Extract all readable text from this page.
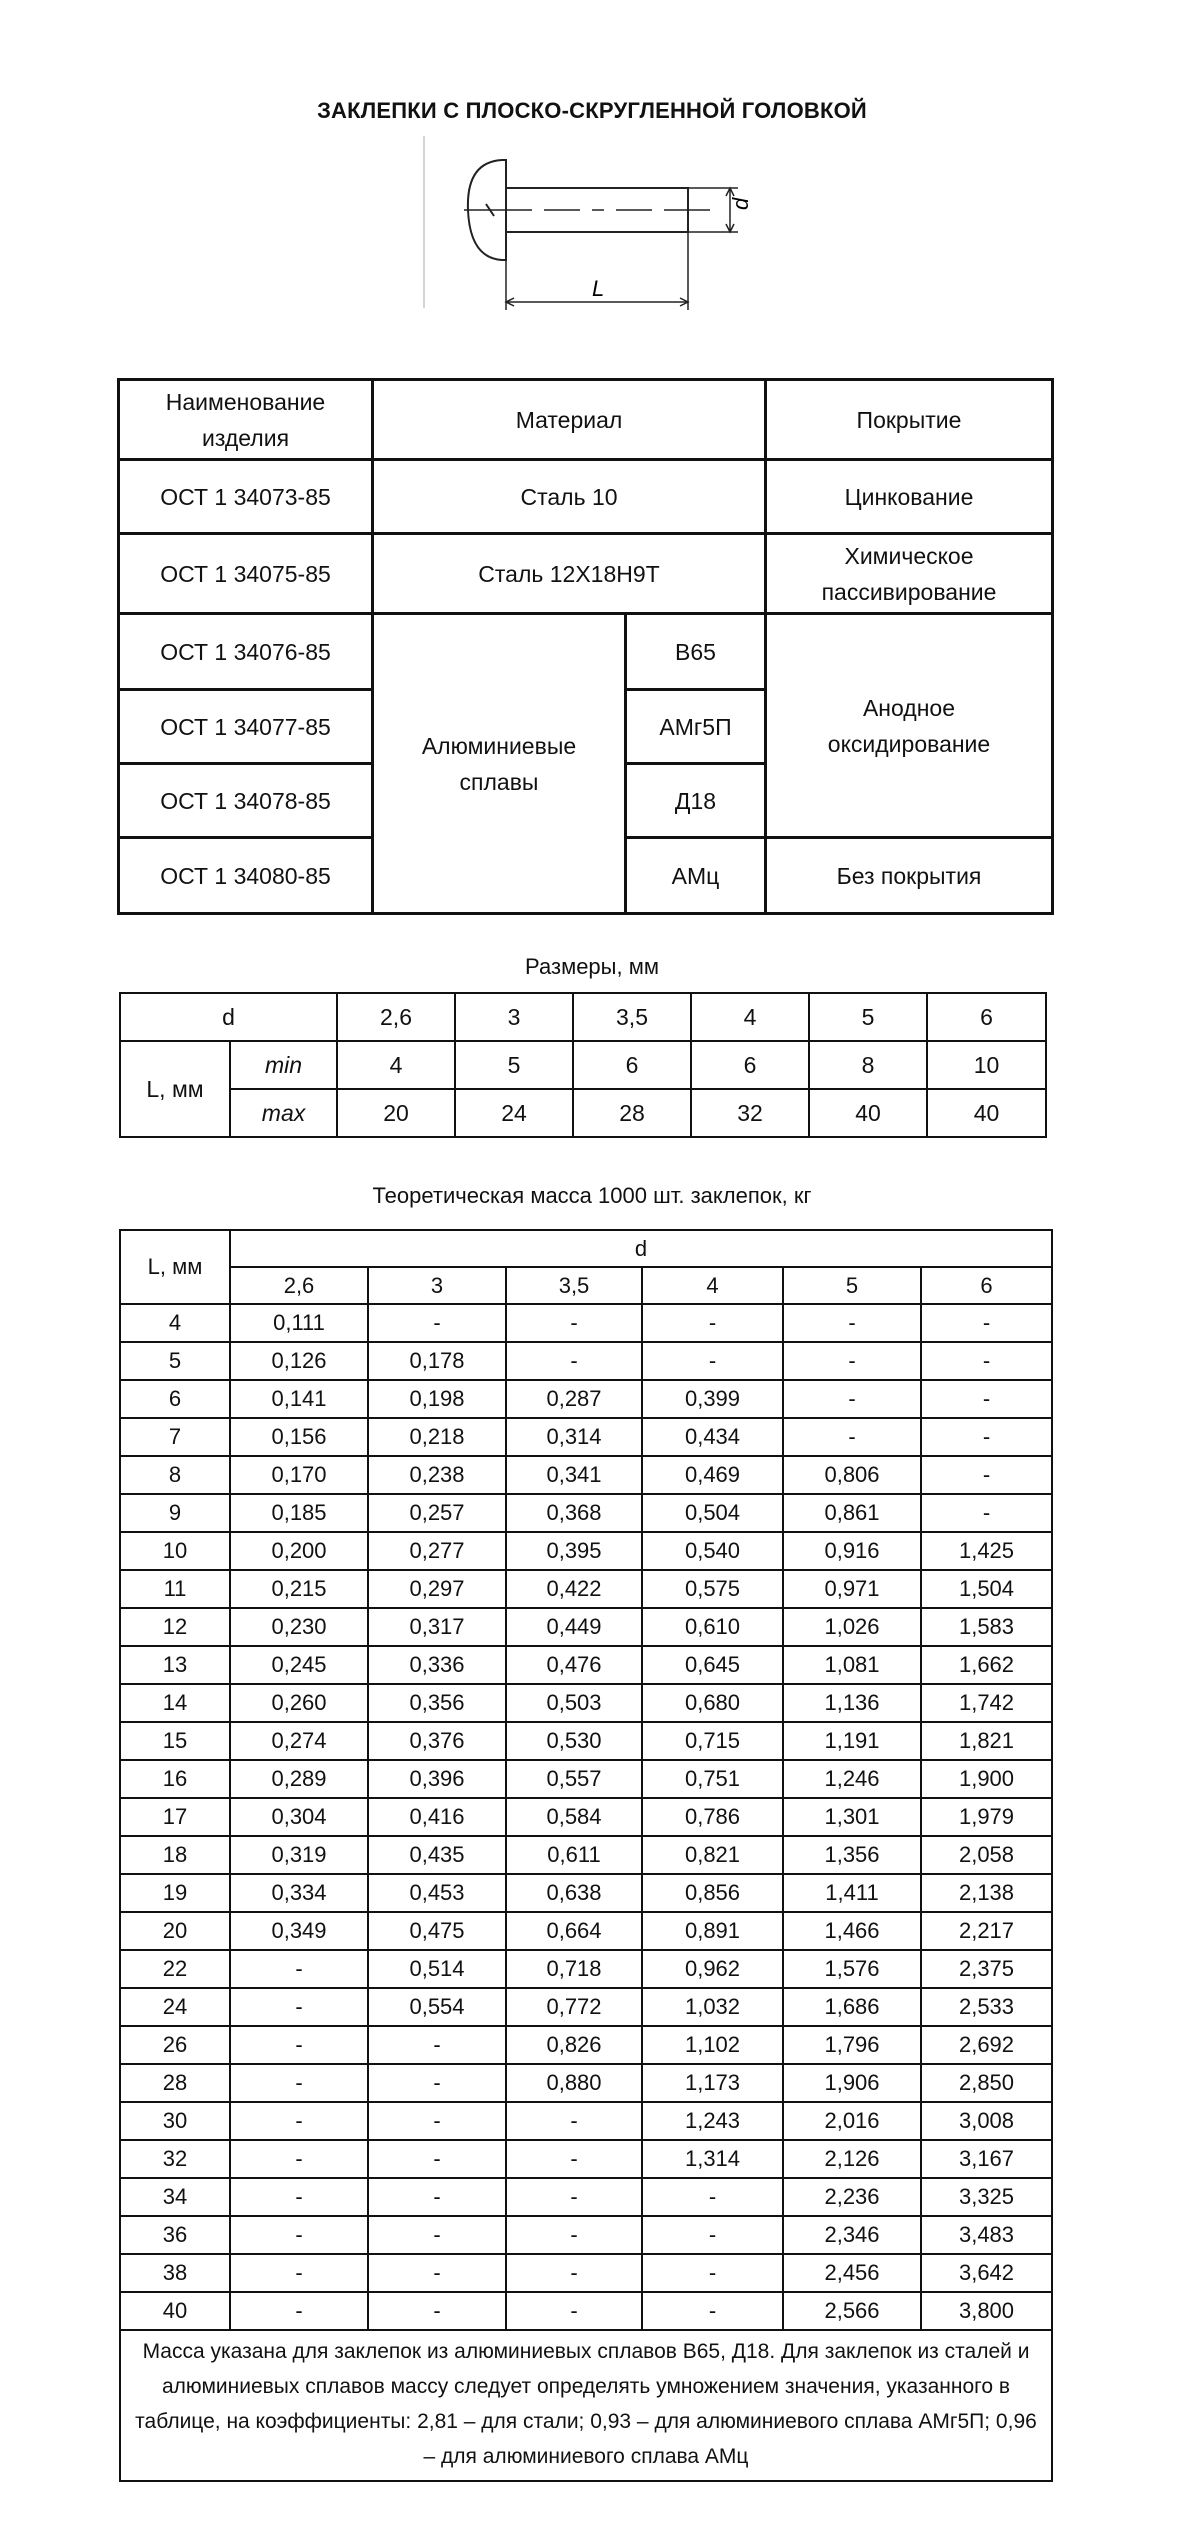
ЗАКЛЕПКИ С ПЛОСКО-СКРУГЛЕННОЙ ГОЛОВКОЙ
d
L
Наименование изделия	Материал		Покрытие
ОСТ 1 34073-85	Сталь 10		Цинкование
ОСТ 1 34075-85	Сталь 12Х18Н9Т		Химическое пассивирование
ОСТ 1 34076-85	Алюминиевые сплавы	В65	Анодное оксидирование
ОСТ 1 34077-85		АМг5П	
ОСТ 1 34078-85		Д18	
ОСТ 1 34080-85		АМц	Без покрытия
Размеры, мм
d		2,6	3	3,5	4	5	6
L, мм	min	4	5	6	6	8	10
	max	20	24	28	32	40	40
Теоретическая масса 1000 шт. заклепок, кг
L, мм	d					
	2,6	3	3,5	4	5	6
4	0,111	-	-	-	-	-
5	0,126	0,178	-	-	-	-
6	0,141	0,198	0,287	0,399	-	-
7	0,156	0,218	0,314	0,434	-	-
8	0,170	0,238	0,341	0,469	0,806	-
9	0,185	0,257	0,368	0,504	0,861	-
10	0,200	0,277	0,395	0,540	0,916	1,425
11	0,215	0,297	0,422	0,575	0,971	1,504
12	0,230	0,317	0,449	0,610	1,026	1,583
13	0,245	0,336	0,476	0,645	1,081	1,662
14	0,260	0,356	0,503	0,680	1,136	1,742
15	0,274	0,376	0,530	0,715	1,191	1,821
16	0,289	0,396	0,557	0,751	1,246	1,900
17	0,304	0,416	0,584	0,786	1,301	1,979
18	0,319	0,435	0,611	0,821	1,356	2,058
19	0,334	0,453	0,638	0,856	1,411	2,138
20	0,349	0,475	0,664	0,891	1,466	2,217
22	-	0,514	0,718	0,962	1,576	2,375
24	-	0,554	0,772	1,032	1,686	2,533
26	-	-	0,826	1,102	1,796	2,692
28	-	-	0,880	1,173	1,906	2,850
30	-	-	-	1,243	2,016	3,008
32	-	-	-	1,314	2,126	3,167
34	-	-	-	-	2,236	3,325
36	-	-	-	-	2,346	3,483
38	-	-	-	-	2,456	3,642
40	-	-	-	-	2,566	3,800
Масса указана для заклепок из алюминиевых сплавов В65, Д18. Для заклепок из сталей и алюминиевых сплавов массу следует определять умножением значения, указанного в таблице, на коэффициенты: 2,81 – для стали; 0,93 – для алюминиевого сплава АМг5П; 0,96 – для алюминиевого сплава АМц						
